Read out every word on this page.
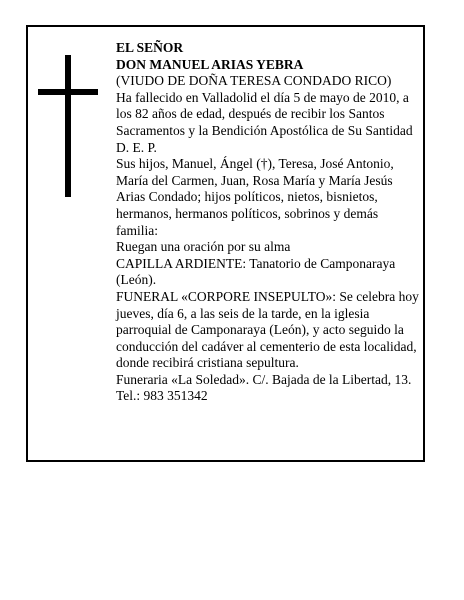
EL SEÑOR

DON MANUEL ARIAS YEBRA

(VIUDO DE DOÑA TERESA CONDADO RICO)

Ha fallecido en Valladolid el día 5 de mayo de 2010, a los 82 años de edad, después de recibir los Santos Sacramentos y la Bendición Apostólica de Su Santidad

D. E. P.

Sus hijos, Manuel, Ángel (†), Teresa, José Antonio, María del Carmen, Juan, Rosa María y María Jesús Arias Condado; hijos políticos, nietos, bisnietos, hermanos, hermanos políticos, sobrinos y demás familia:

Ruegan una oración por su alma

CAPILLA ARDIENTE: Tanatorio de Camponaraya (León).

FUNERAL «CORPORE INSEPULTO»: Se celebra hoy jueves, día 6, a las seis de la tarde, en la iglesia parroquial de Camponaraya (León), y acto seguido la conducción del cadáver al cementerio de esta localidad, donde recibirá cristiana sepultura.

Funeraria «La Soledad». C/. Bajada de la Libertad, 13. Tel.: 983 351342
